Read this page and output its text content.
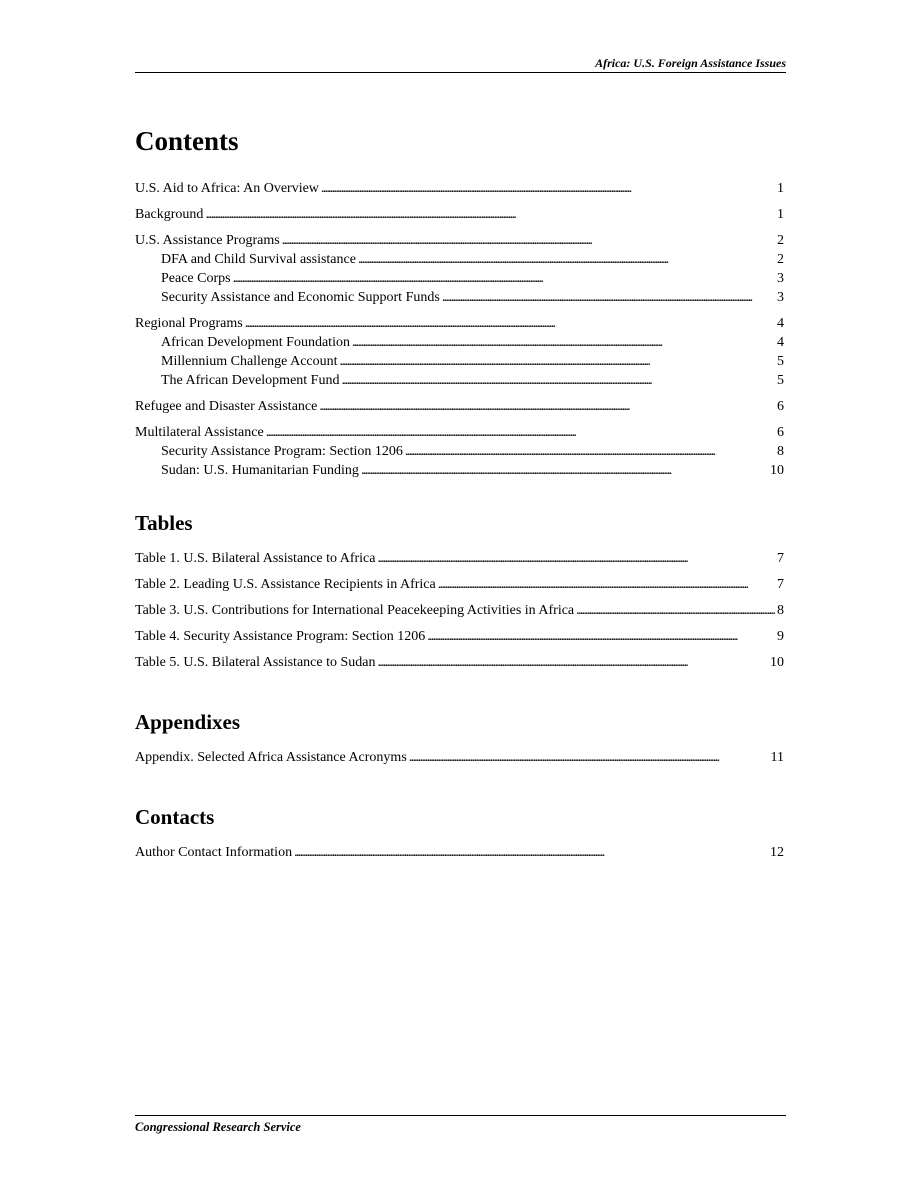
Africa: U.S. Foreign Assistance Issues
Contents
U.S. Aid to Africa: An Overview . . .	1
Background . . .	1
U.S. Assistance Programs . . .	2
DFA and Child Survival assistance . . .	2
Peace Corps . . .	3
Security Assistance and Economic Support Funds . . .	3
Regional Programs . . .	4
African Development Foundation . . .	4
Millennium Challenge Account . . .	5
The African Development Fund . . .	5
Refugee and Disaster Assistance . . .	6
Multilateral Assistance . . .	6
Security Assistance Program: Section 1206 . . .	8
Sudan: U.S. Humanitarian Funding . . .	10
Tables
Table 1. U.S. Bilateral Assistance to Africa . . .	7
Table 2. Leading U.S. Assistance Recipients in Africa . . .	7
Table 3. U.S. Contributions for International Peacekeeping Activities in Africa . . .	8
Table 4. Security Assistance Program: Section 1206 . . .	9
Table 5. U.S. Bilateral Assistance to Sudan . . .	10
Appendixes
Appendix. Selected Africa Assistance Acronyms . . .	11
Contacts
Author Contact Information . . .	12
Congressional Research Service
